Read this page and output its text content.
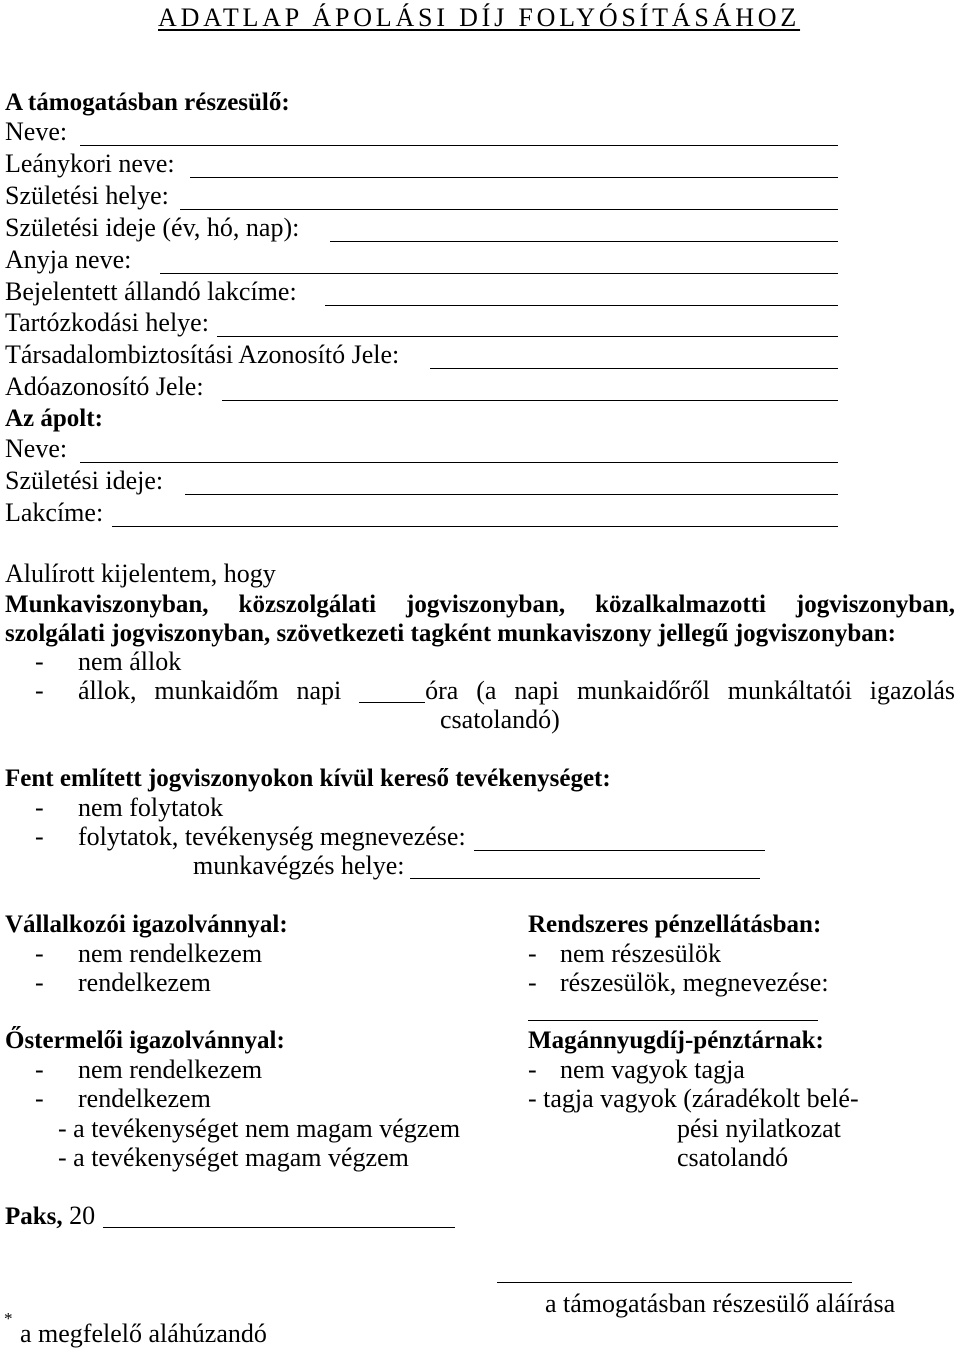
ADATLAP ÁPOLÁSI DÍJ FOLYÓSÍTÁSÁHOZ
A támogatásban részesülő:
Neve:
Leánykori neve:
Születési helye:
Születési ideje (év, hó, nap):
Anyja neve:
Bejelentett állandó lakcíme:
Tartózkodási helye:
Társadalombiztosítási Azonosító Jele:
Adóazonosító Jele:
Az ápolt:
Neve:
Születési ideje:
Lakcíme:
Alulírott kijelentem, hogy
Munkaviszonyban, közszolgálati jogviszonyban, közalkalmazotti jogviszonyban,
szolgálati jogviszonyban, szövetkezeti tagként munkaviszony jellegű jogviszonyban:
- nem állok
- állok, munkaidőm napi	óra (a napi munkaidőről munkáltatói igazolás
csatolandó)
Fent említett jogviszonyokon kívül kereső tevékenységet:
- nem folytatok
- folytatok, tevékenység megnevezése:
munkavégzés helye:
Vállalkozói igazolvánnyal:	Rendszeres pénzellátásban:
- nem rendelkezem	- nem részesülök
- rendelkezem	- részesülök, megnevezése:
Őstermelői igazolvánnyal:	Magánnyugdíj-pénztárnak:
- nem rendelkezem	- nem vagyok tagja
- rendelkezem	- tagja vagyok (záradékolt belé-
- a tevékenységet nem magam végzem	pési nyilatkozat
- a tevékenységet magam végzem	csatolandó
Paks, 20
a támogatásban részesülő aláírása
*
a megfelelő aláhúzandó
